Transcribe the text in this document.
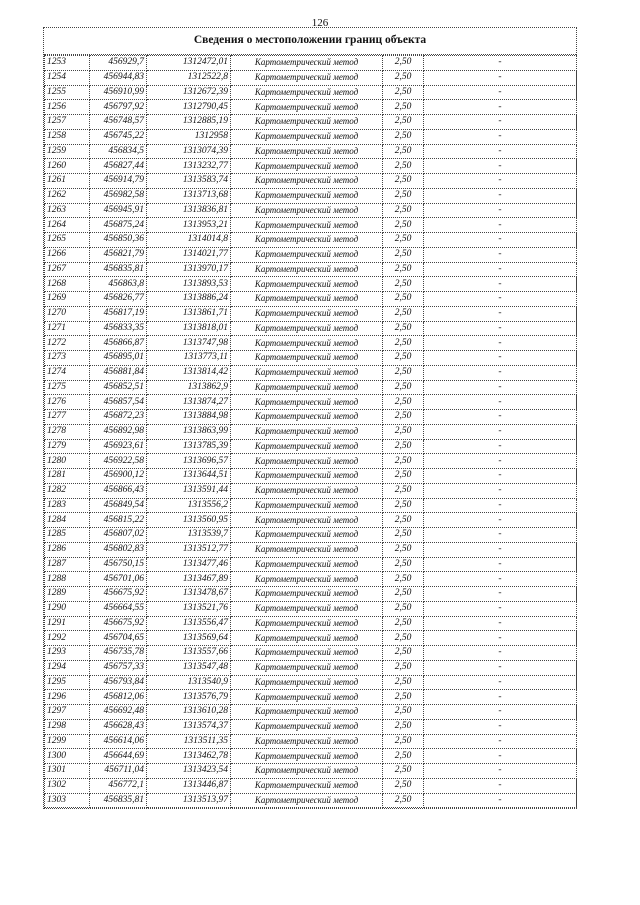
126
Сведения о местоположении границ объекта
1253	456929,7	1312472,01	Картометрический метод	2,50	-
1254	456944,83	1312522,8	Картометрический метод	2,50	-
1255	456910,99	1312672,39	Картометрический метод	2,50	-
1256	456797,92	1312790,45	Картометрический метод	2,50	-
1257	456748,57	1312885,19	Картометрический метод	2,50	-
1258	456745,22	1312958	Картометрический метод	2,50	-
1259	456834,5	1313074,39	Картометрический метод	2,50	-
1260	456827,44	1313232,77	Картометрический метод	2,50	-
1261	456914,79	1313583,74	Картометрический метод	2,50	-
1262	456982,58	1313713,68	Картометрический метод	2,50	-
1263	456945,91	1313836,81	Картометрический метод	2,50	-
1264	456875,24	1313953,21	Картометрический метод	2,50	-
1265	456850,36	1314014,8	Картометрический метод	2,50	-
1266	456821,79	1314021,77	Картометрический метод	2,50	-
1267	456835,81	1313970,17	Картометрический метод	2,50	-
1268	456863,8	1313893,53	Картометрический метод	2,50	-
1269	456826,77	1313886,24	Картометрический метод	2,50	-
1270	456817,19	1313861,71	Картометрический метод	2,50	-
1271	456833,35	1313818,01	Картометрический метод	2,50	-
1272	456866,87	1313747,98	Картометрический метод	2,50	-
1273	456895,01	1313773,11	Картометрический метод	2,50	-
1274	456881,84	1313814,42	Картометрический метод	2,50	-
1275	456852,51	1313862,9	Картометрический метод	2,50	-
1276	456857,54	1313874,27	Картометрический метод	2,50	-
1277	456872,23	1313884,98	Картометрический метод	2,50	-
1278	456892,98	1313863,99	Картометрический метод	2,50	-
1279	456923,61	1313785,39	Картометрический метод	2,50	-
1280	456922,58	1313696,57	Картометрический метод	2,50	-
1281	456900,12	1313644,51	Картометрический метод	2,50	-
1282	456866,43	1313591,44	Картометрический метод	2,50	-
1283	456849,54	1313556,2	Картометрический метод	2,50	-
1284	456815,22	1313560,95	Картометрический метод	2,50	-
1285	456807,02	1313539,7	Картометрический метод	2,50	-
1286	456802,83	1313512,77	Картометрический метод	2,50	-
1287	456750,15	1313477,46	Картометрический метод	2,50	-
1288	456701,06	1313467,89	Картометрический метод	2,50	-
1289	456675,92	1313478,67	Картометрический метод	2,50	-
1290	456664,55	1313521,76	Картометрический метод	2,50	-
1291	456675,92	1313556,47	Картометрический метод	2,50	-
1292	456704,65	1313569,64	Картометрический метод	2,50	-
1293	456735,78	1313557,66	Картометрический метод	2,50	-
1294	456757,33	1313547,48	Картометрический метод	2,50	-
1295	456793,84	1313540,9	Картометрический метод	2,50	-
1296	456812,06	1313576,79	Картометрический метод	2,50	-
1297	456692,48	1313610,28	Картометрический метод	2,50	-
1298	456628,43	1313574,37	Картометрический метод	2,50	-
1299	456614,06	1313511,35	Картометрический метод	2,50	-
1300	456644,69	1313462,78	Картометрический метод	2,50	-
1301	456711,04	1313423,54	Картометрический метод	2,50	-
1302	456772,1	1313446,87	Картометрический метод	2,50	-
1303	456835,81	1313513,97	Картометрический метод	2,50	-
